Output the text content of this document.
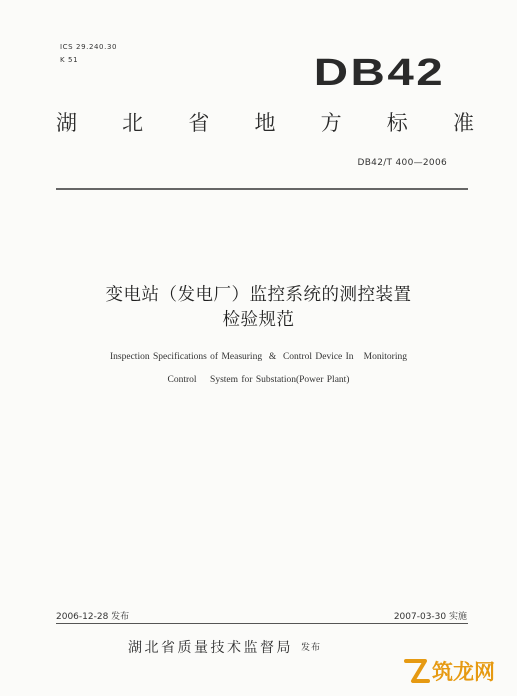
ICS 29.240.30
K 51	DB42
湖 北 省 地 方 标 准
DB42/T 400—2006
变电站（发电厂）监控系统的测控装置
检验规范
Inspection Specifications of Measuring  &  Control Device In   Monitoring
Control    System for Substation(Power Plant)
2006-12-28 发布	2007-03-30 实施
湖北省质量技术监督局 发布
筑龙网
